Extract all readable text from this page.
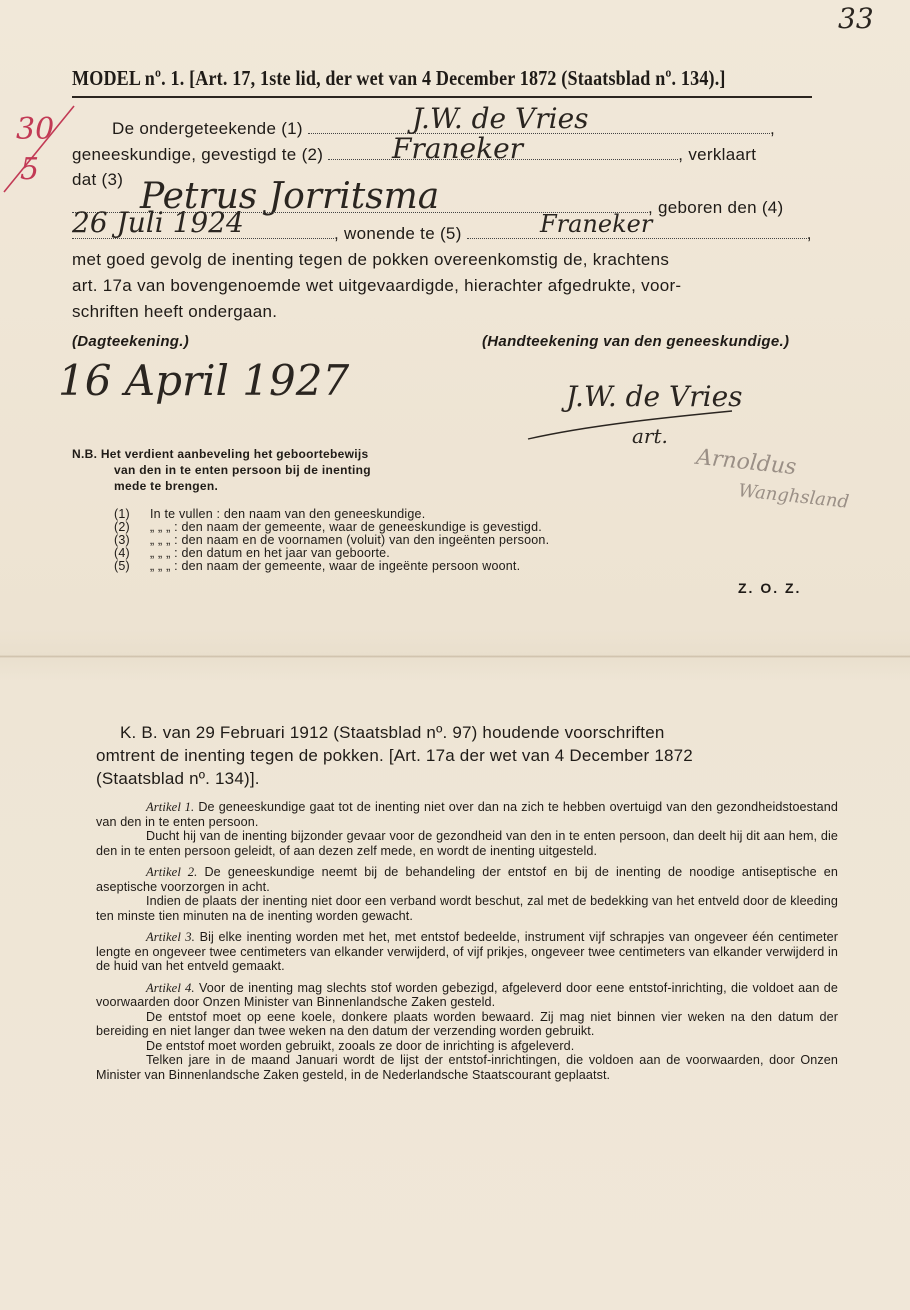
33
30
5
MODEL nº. 1. [Art. 17, 1ste lid, der wet van 4 December 1872 (Staatsblad nº. 134).]
De ondergeteekende (1)	,
J.W. de Vries
geneeskundige, gevestigd te (2)	, verklaart
Franeker
dat (3) Petrus Jorritsma	, geboren den (4)
, wonende te (5)	,
26 Juli 1924	Franeker
met goed gevolg de inenting tegen de pokken overeenkomstig de, krachtens
art. 17a van bovengenoemde wet uitgevaardigde, hierachter afgedrukte, voor-
schriften heeft ondergaan.
(Dagteekening.)	(Handteekening van den geneeskundige.)
16 April 1927	J.W. de Vries
art.
Arnoldus
Wanghsland
N.B. Het verdient aanbeveling het geboortebewijs
van den in te enten persoon bij de inenting
mede te brengen.
(1) In te vullen : den naam van den geneeskundige.
(2) „ „ „ : den naam der gemeente, waar de geneeskundige is gevestigd.
(3) „ „ „ : den naam en de voornamen (voluit) van den ingeënten persoon.
(4) „ „ „ : den datum en het jaar van geboorte.
(5) „ „ „ : den naam der gemeente, waar de ingeënte persoon woont.
Z. O. Z.

K. B. van 29 Februari 1912 (Staatsblad nº. 97) houdende voorschriften

omtrent de inenting tegen de pokken. [Art. 17a der wet van 4 December 1872

(Staatsblad nº. 134)].

Artikel 1. De geneeskundige gaat tot de inenting niet over dan na zich te hebben overtuigd van den gezondheidstoestand van den in te enten persoon.

Ducht hij van de inenting bijzonder gevaar voor de gezondheid van den in te enten persoon, dan deelt hij dit aan hem, die den in te enten persoon geleidt, of aan dezen zelf mede, en wordt de inenting uitgesteld.

Artikel 2. De geneeskundige neemt bij de behandeling der entstof en bij de inenting de noodige antiseptische en aseptische voorzorgen in acht.

Indien de plaats der inenting niet door een verband wordt beschut, zal met de bedekking van het entveld door de kleeding ten minste tien minuten na de inenting worden gewacht.

Artikel 3. Bij elke inenting worden met het, met entstof bedeelde, instrument vijf schrapjes van ongeveer één centimeter lengte en ongeveer twee centimeters van elkander verwijderd, of vijf prikjes, ongeveer twee centimeters van elkander verwijderd in de huid van het entveld gemaakt.

Artikel 4. Voor de inenting mag slechts stof worden gebezigd, afgeleverd door eene entstof-inrichting, die voldoet aan de voorwaarden door Onzen Minister van Binnenlandsche Zaken gesteld.

De entstof moet op eene koele, donkere plaats worden bewaard. Zij mag niet binnen vier weken na den datum der bereiding en niet langer dan twee weken na den datum der verzending worden gebruikt.

De entstof moet worden gebruikt, zooals ze door de inrichting is afgeleverd.

Telken jare in de maand Januari wordt de lijst der entstof-inrichtingen, die voldoen aan de voorwaarden, door Onzen Minister van Binnenlandsche Zaken gesteld, in de Nederlandsche Staatscourant geplaatst.
